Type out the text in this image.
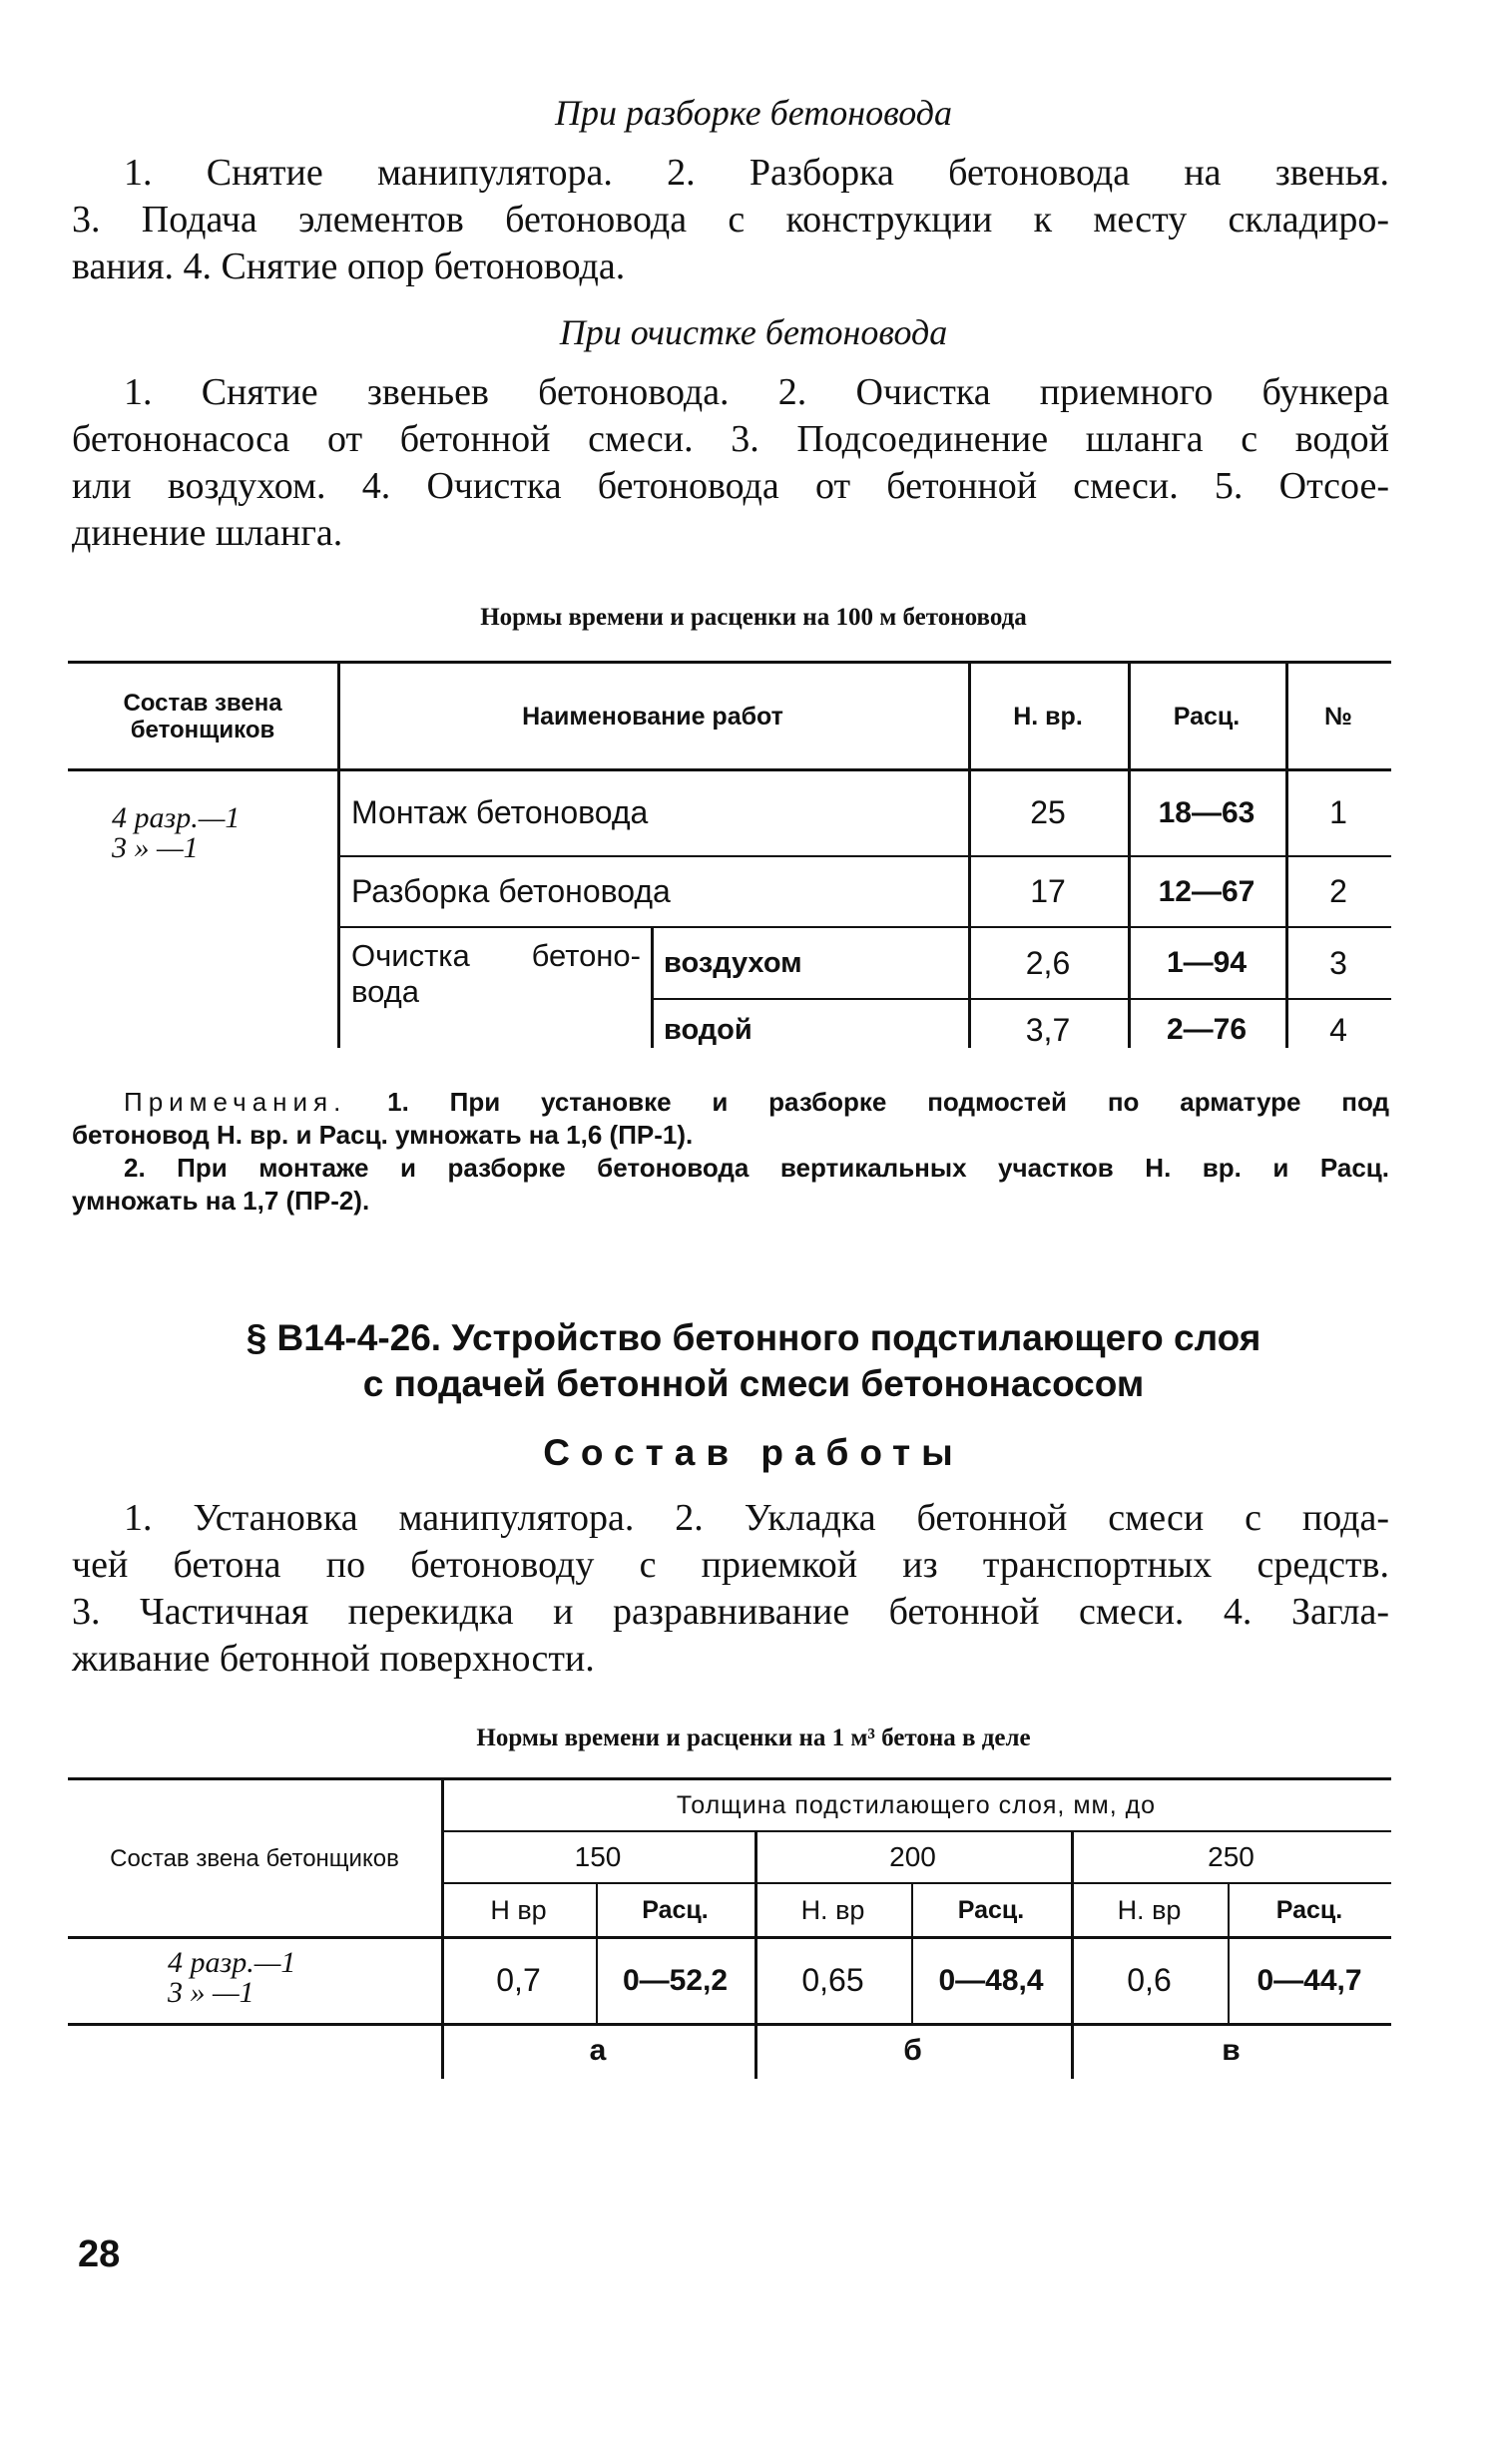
При разборке бетоновода
1. Снятие манипулятора. 2. Разборка бетоновода на звенья.
3. Подача элементов бетоновода с конструкции к месту складиро-
вания. 4. Снятие опор бетоновода.
При очистке бетоновода
1. Снятие звеньев бетоновода. 2. Очистка приемного бункера
бетононасоса от бетонной смеси. 3. Подсоединение шланга с водой
или воздухом. 4. Очистка бетоновода от бетонной смеси. 5. Отсое-
динение шланга.
Нормы времени и расценки на 100 м бетоновода
Состав звена бетонщиков	Наименование работ	Н. вр.	Расц.	№
4 разр.—1
3 » —1
Монтаж бетоновода	25	18—63	1
Разборка бетоновода	17	12—67	2
Очистка бетоно- вода
воздухом	2,6	1—94	3
водой	3,7	2—76	4
Примечания. 1. При установке и разборке подмостей по арматуре под
бетоновод Н. вр. и Расц. умножать на 1,6 (ПР-1).
2. При монтаже и разборке бетоновода вертикальных участков Н. вр. и Расц.
умножать на 1,7 (ПР-2).
§ В14-4-26. Устройство бетонного подстилающего слоя
с подачей бетонной смеси бетононасосом
Состав работы
1. Установка манипулятора. 2. Укладка бетонной смеси с пода-
чей бетона по бетоноводу с приемкой из транспортных средств.
3. Частичная перекидка и разравнивание бетонной смеси. 4. Загла-
живание бетонной поверхности.
Нормы времени и расценки на 1 м³ бетона в деле
Состав звена бетонщиков
Толщина подстилающего слоя, мм, до
150	200	250
Н вр	Расц.	Н. вр	Расц.	Н. вр	Расц.
4 разр.—1
3 » —1	0,7	0—52,2	0,65	0—48,4	0,6	0—44,7
а	б	в
28
